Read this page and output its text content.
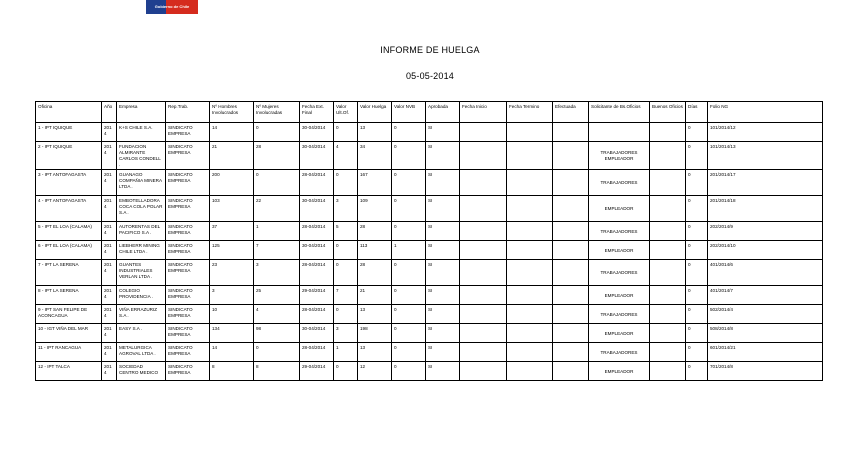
Gobierno de Chile
INFORME DE HUELGA
05-05-2014
Oficina	Año	Empresa	Rep.Trab.	Nº Hombres Involucrados	Nº Mujeres Involucradas	Fecha Ext. Final	Valor Ult.Of.	Valor Huelga	Valor NVB	Aprobada	Fecha Inicio	Fecha Termino	Efectuada	Solicitante de Bs.Oficios	Buenos Oficios	Días	Folio NG
1 - IPT IQUIQUE	2014	K+S CHILE S.A.	SINDICATO EMPRESA	14	0	30-04/2014	0	13	0	SI						0	101/2014/12
2 - IPT IQUIQUE	2014	FUNDACION ALMIRANTE CARLOS CONDELL .	SINDICATO EMPRESA	21	28	30-04/2014	4	34	0	SI				TRABAJADORES EMPLEADOR		0	101/2014/13
3 - IPT ANTOFAGASTA	2014	GUANAGO COMPAÑIA MINERA LTDA .	SINDICATO EMPRESA	200	0	28-04/2014	0	167	0	SI				TRABAJADORES		0	201/2014/17
4 - IPT ANTOFAGASTA	2014	EMBOTELLADORA COCA COLA POLAR S.A .	SINDICATO EMPRESA	103	22	30-04/2014	3	109	0	SI				EMPLEADOR		0	201/2014/18
5 - IPT EL LOA (CALAMA)	2014	AUTORENTAS DEL PACIFICO S.A .	SINDICATO EMPRESA	37	1	28-04/2014	5	28	0	SI				TRABAJADORES		0	202/2014/9
6 - IPT EL LOA (CALAMA)	2014	LIEBHERR MINING CHILE LTDA .	SINDICATO EMPRESA	125	7	30-04/2014	0	113	1	SI				EMPLEADOR		0	202/2014/10
7 - IPT LA SERENA	2014	GUANTES INDUSTRIALES VERLAN LTDA .	SINDICATO EMPRESA	23	3	28-04/2014	0	28	0	SI				TRABAJADORES		0	401/2014/6
8 - IPT LA SERENA	2014	COLEGIO PROVIDENCIA .	SINDICATO EMPRESA	3	25	29-04/2014	7	21	0	SI				EMPLEADOR		0	401/2014/7
9 - IPT SAN FELIPE DE ACONCAGUA	2014	VIÑA ERRAZURIZ S.A .	SINDICATO EMPRESA	10	4	28-04/2014	0	13	0	SI				TRABAJADORES		0	502/2014/4
10 - IGT VIÑA DEL MAR	2014	EASY S.A .	SINDICATO EMPRESA	134	98	30-04/2014	3	198	0	SI				EMPLEADOR		0	508/2014/8
11 - IPT RANCAGUA	2014	METALURGICA AGROVAL LTDA .	SINDICATO EMPRESA	14	0	28-04/2014	1	13	0	SI				TRABAJADORES		0	601/2014/21
12 - IPT TALCA	2014	SOCIEDAD CENTRO MEDICO	SINDICATO EMPRESA	8	8	29-04/2014	0	12	0	SI				EMPLEADOR		0	701/2014/8
